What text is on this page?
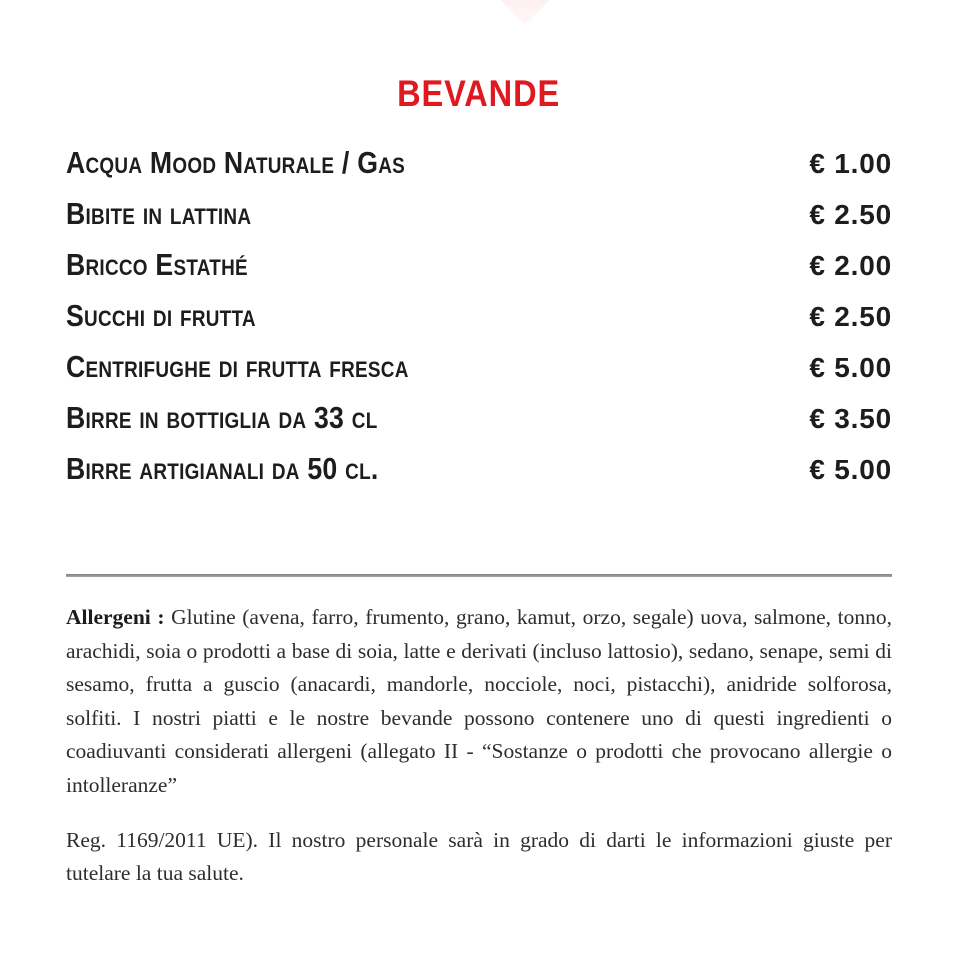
BEVANDE
Acqua Mood Naturale / Gas	€ 1.00
Bibite in lattina	€ 2.50
Bricco Estathé	€ 2.00
Succhi di frutta	€ 2.50
Centrifughe di frutta fresca	€ 5.00
Birre in bottiglia da 33 cl	€ 3.50
Birre artigianali da 50 cl.	€ 5.00

Allergeni : Glutine (avena, farro, frumento, grano, kamut, orzo, segale) uova, salmone, tonno, arachidi, soia o prodotti a base di soia, latte e derivati (incluso lattosio), sedano, senape, semi di sesamo, frutta a guscio (anacardi, mandorle, nocciole, noci, pistacchi), anidride solforosa, solfiti. I nostri piatti e le nostre bevande possono contenere uno di questi ingredienti o coadiuvanti considerati allergeni (allegato II - “Sostanze o prodotti che provocano allergie o intolleranze”

Reg. 1169/2011 UE). Il nostro personale sarà in grado di darti le informazioni giuste per tutelare la tua salute.
